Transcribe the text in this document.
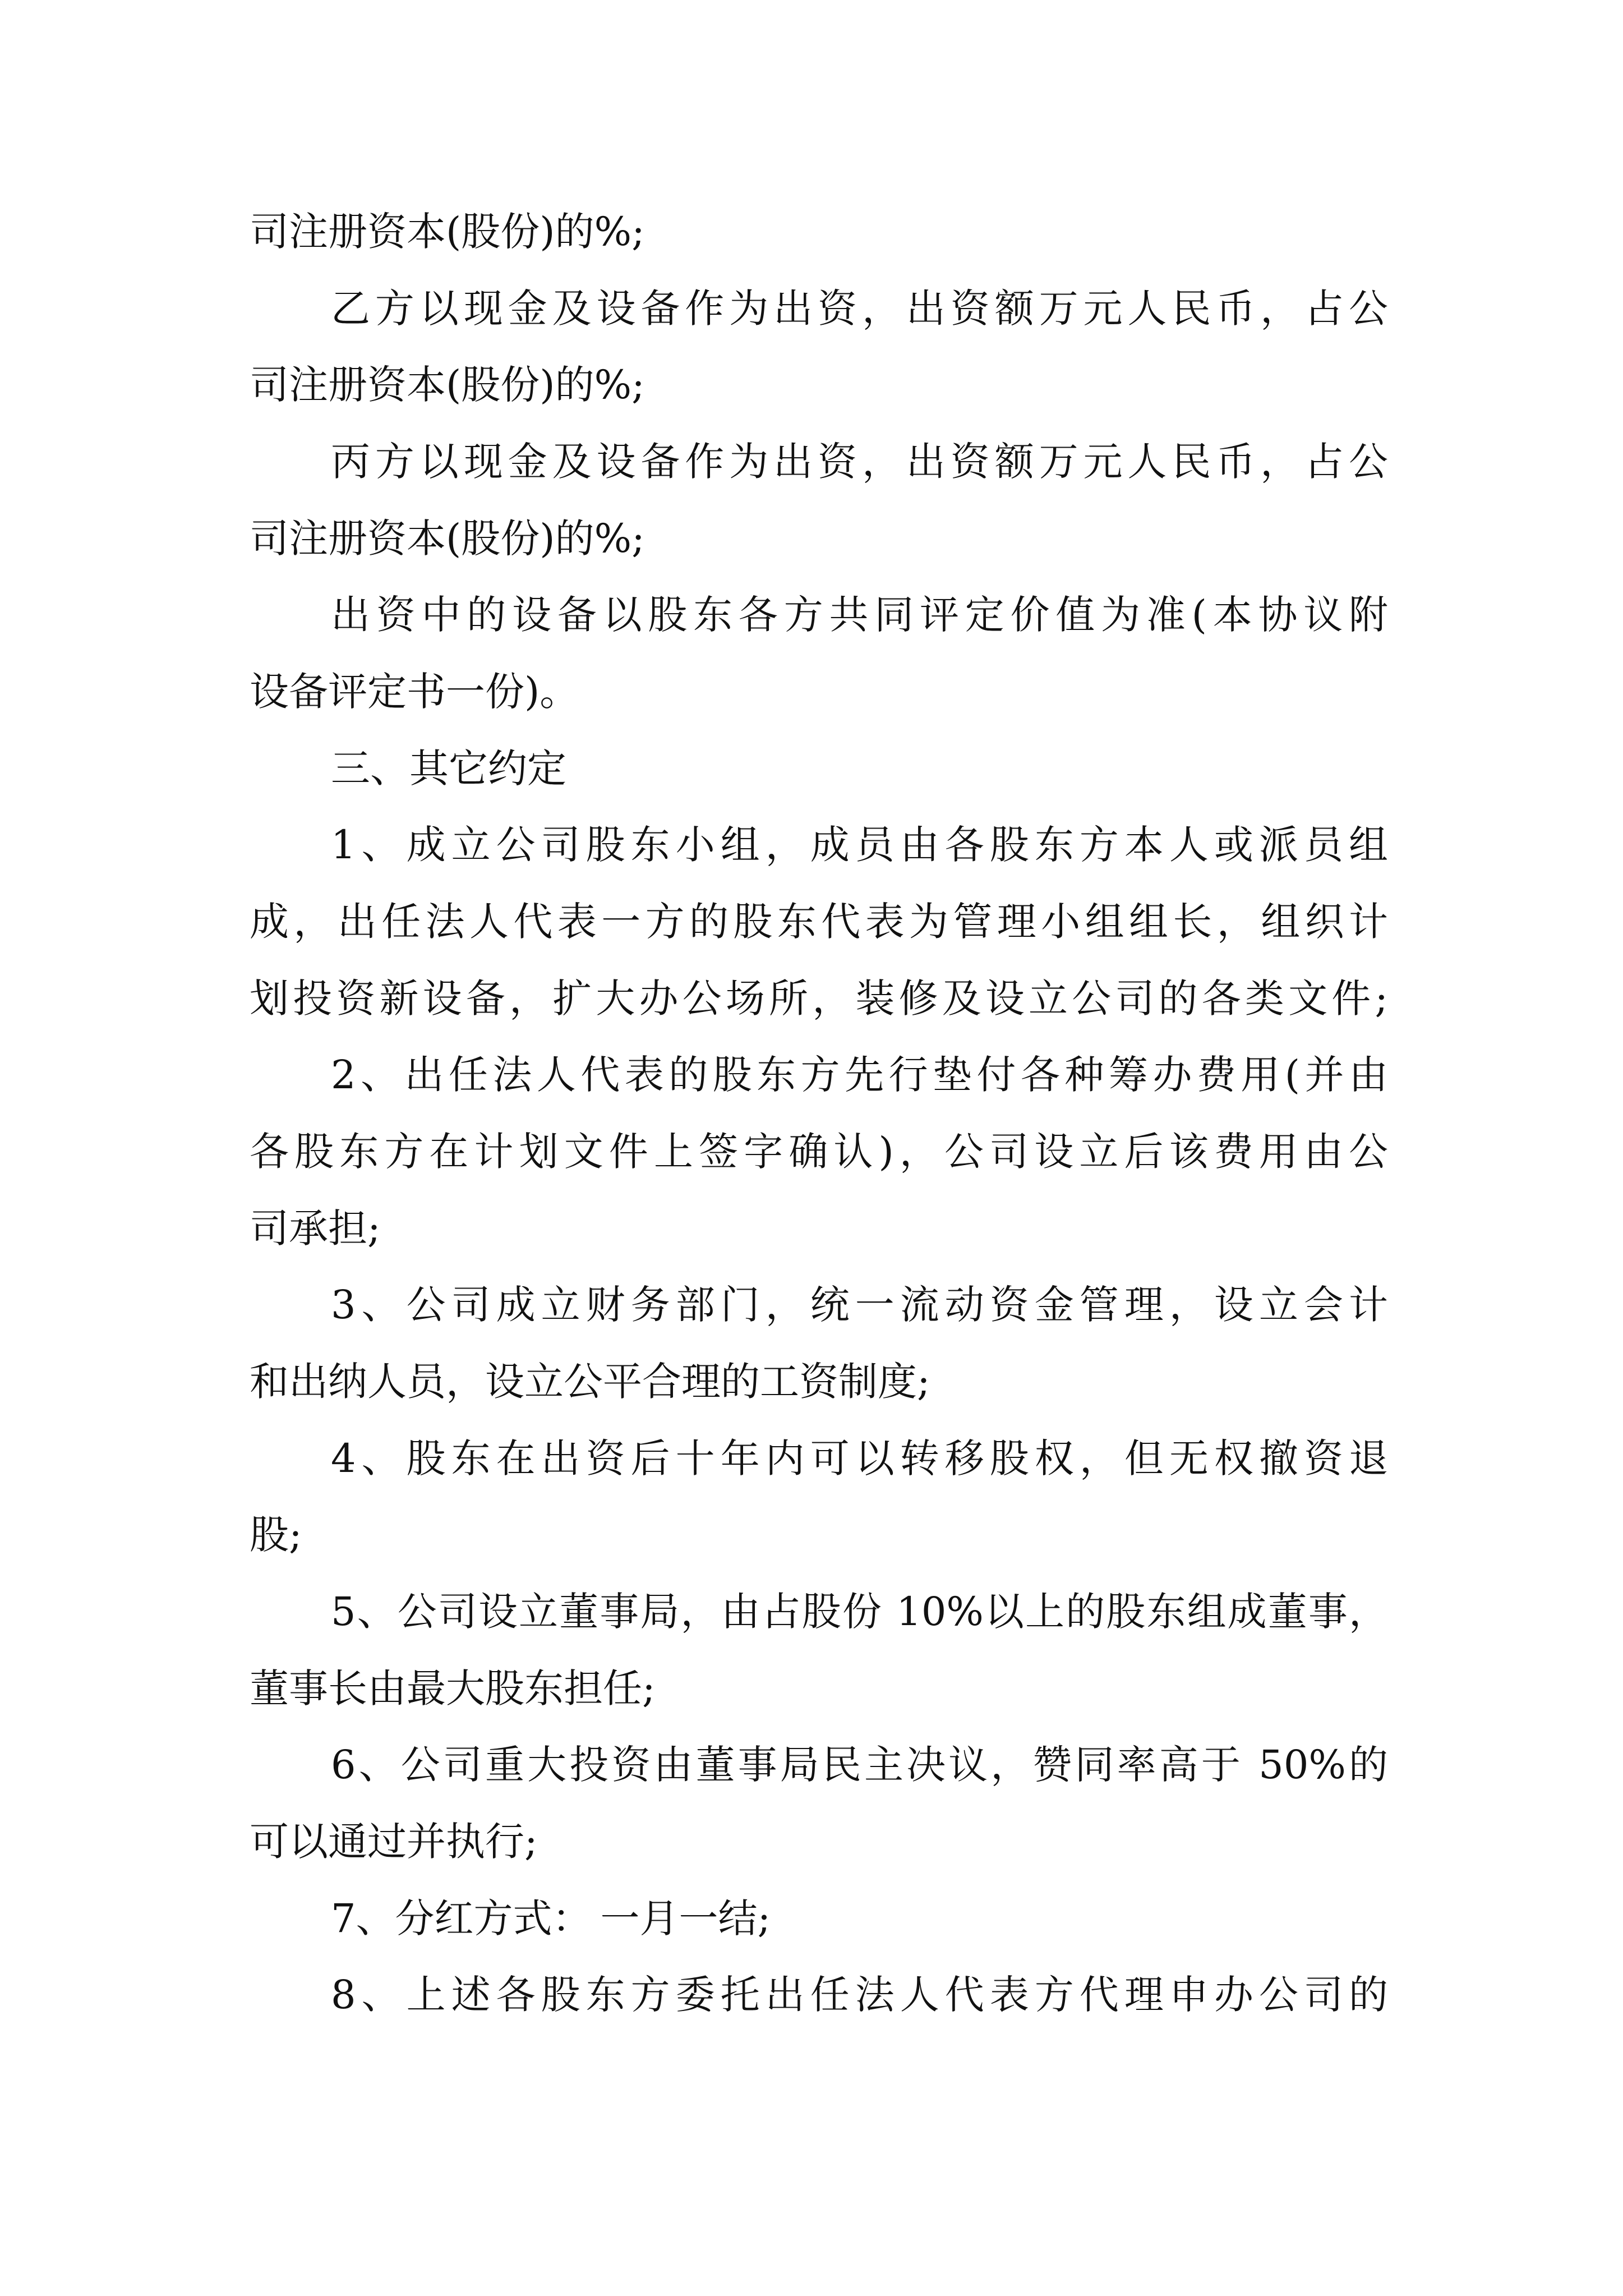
司注册资本(股份)的%;
乙方以现金及设备作为出资，出资额万元人民币，占公
司注册资本(股份)的%;
丙方以现金及设备作为出资，出资额万元人民币，占公
司注册资本(股份)的%;
出资中的设备以股东各方共同评定价值为准(本协议附
设备评定书一份)。
三、其它约定
1、成立公司股东小组，成员由各股东方本人或派员组
成，出任法人代表一方的股东代表为管理小组组长，组织计
划投资新设备，扩大办公场所，装修及设立公司的各类文件;
2、出任法人代表的股东方先行垫付各种筹办费用(并由
各股东方在计划文件上签字确认)，公司设立后该费用由公
司承担;
3、公司成立财务部门，统一流动资金管理，设立会计
和出纳人员，设立公平合理的工资制度;
4、股东在出资后十年内可以转移股权，但无权撤资退
股;
5、公司设立董事局，由占股份 10%以上的股东组成董事，
董事长由最大股东担任;
6、公司重大投资由董事局民主决议，赞同率高于 50%的
可以通过并执行;
7、分红方式： 一月一结;
8、上述各股东方委托出任法人代表方代理申办公司的
